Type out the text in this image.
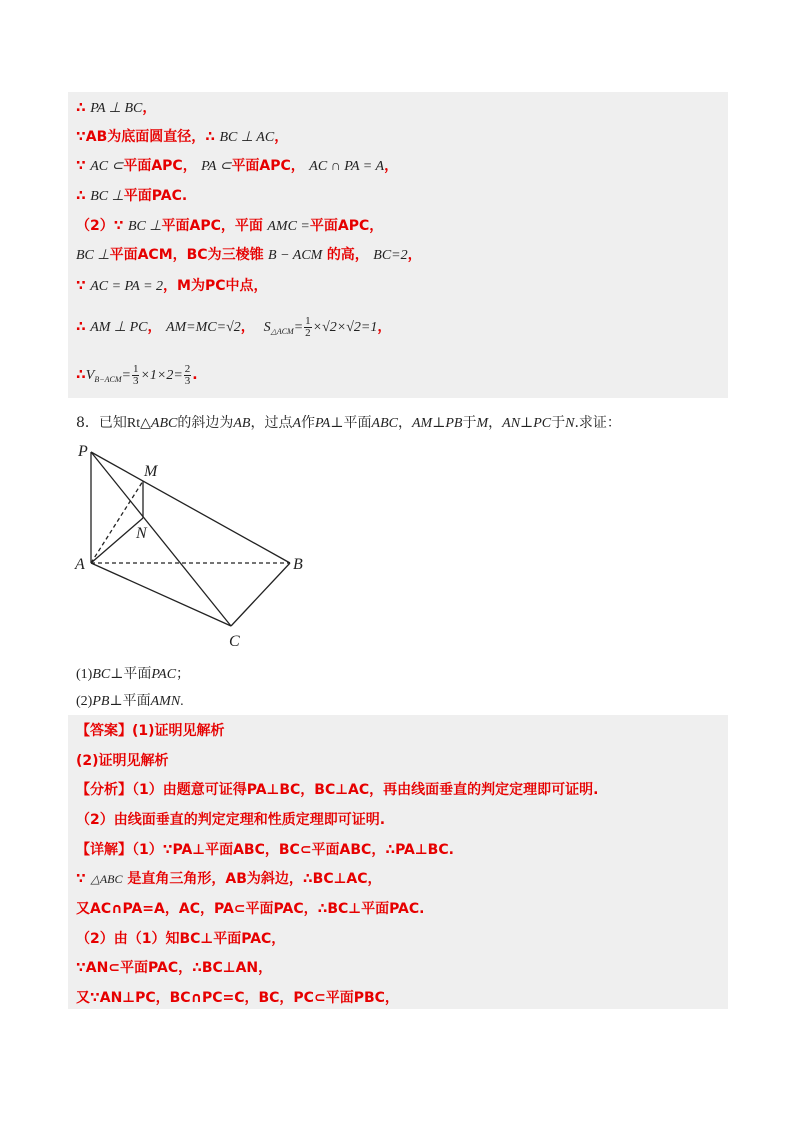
∴ PA ⊥ BC，
∵AB为底面圆直径，∴ BC ⊥ AC，
∵ AC ⊂平面APC， PA ⊂平面APC， AC ∩ PA = A，
∴ BC ⊥平面PAC.
（2）∵ BC ⊥平面APC，平面 AMC =平面APC，
BC ⊥平面ACM，BC为三棱锥 B − ACM 的高， BC=2，
∵ AC = PA = 2，M为PC中点，
∴ AM ⊥ PC， AM=MC=√2， $S_{\triangle ACM}= \frac{1}{2} \times√2\times√2=1$，
$\therefore V_{B-ACM}= \frac{1}{3} \times 1\times 2= \frac{2}{3}$ .
8．已知Rt△ABC的斜边为AB，过点A作PA⊥平面ABC，AM⊥PB于M，AN⊥PC于N.求证：
P
M
N
A	B
C
(1)BC⊥平面PAC；
(2)PB⊥平面AMN.
【答案】(1)证明见解析
(2)证明见解析
【分析】（1）由题意可证得PA⊥BC，BC⊥AC，再由线面垂直的判定定理即可证明.
（2）由线面垂直的判定定理和性质定理即可证明.
【详解】（1）∵PA⊥平面ABC，BC⊂平面ABC，∴PA⊥BC.
∵ △ABC 是直角三角形，AB为斜边，∴BC⊥AC，
又AC∩PA=A，AC，PA⊂平面PAC，∴BC⊥平面PAC.
（2）由（1）知BC⊥平面PAC，
∵AN⊂平面PAC，∴BC⊥AN，
又∵AN⊥PC，BC∩PC=C，BC，PC⊂平面PBC，
